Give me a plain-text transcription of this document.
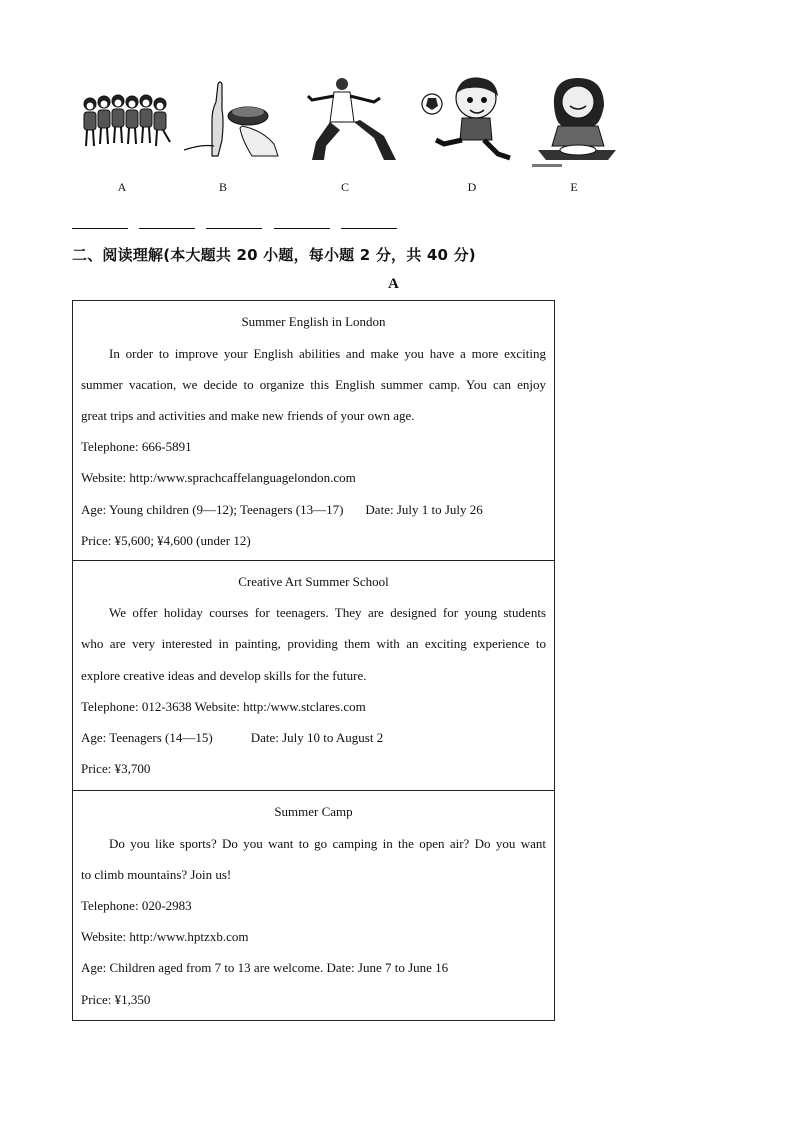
A	B	C	D	E
二、阅读理解(本大题共 20 小题，每小题 2 分，共 40 分)
A
Summer English in London
In order to improve your English abilities and make you have a more exciting
summer vacation, we decide to organize this English summer camp. You can enjoy
great trips and activities and make new friends of your own age.
Telephone: 666-5891
Website: http:/www.sprachcaffelanguagelondon.com
Age: Young children (9—12); Teenagers (13—17) Date: July 1 to July 26
Price: ¥5,600; ¥4,600 (under 12)
Creative Art Summer School
We offer holiday courses for teenagers. They are designed for young students
who are very interested in painting, providing them with an exciting experience to
explore creative ideas and develop skills for the future.
Telephone: 012-3638 Website: http:/www.stclares.com
Age: Teenagers (14—15)	Date: July 10 to August 2
Price: ¥3,700
Summer Camp
Do you like sports? Do you want to go camping in the open air? Do you want
to climb mountains? Join us!
Telephone: 020-2983
Website: http:/www.hptzxb.com
Age: Children aged from 7 to 13 are welcome. Date: June 7 to June 16
Price: ¥1,350
